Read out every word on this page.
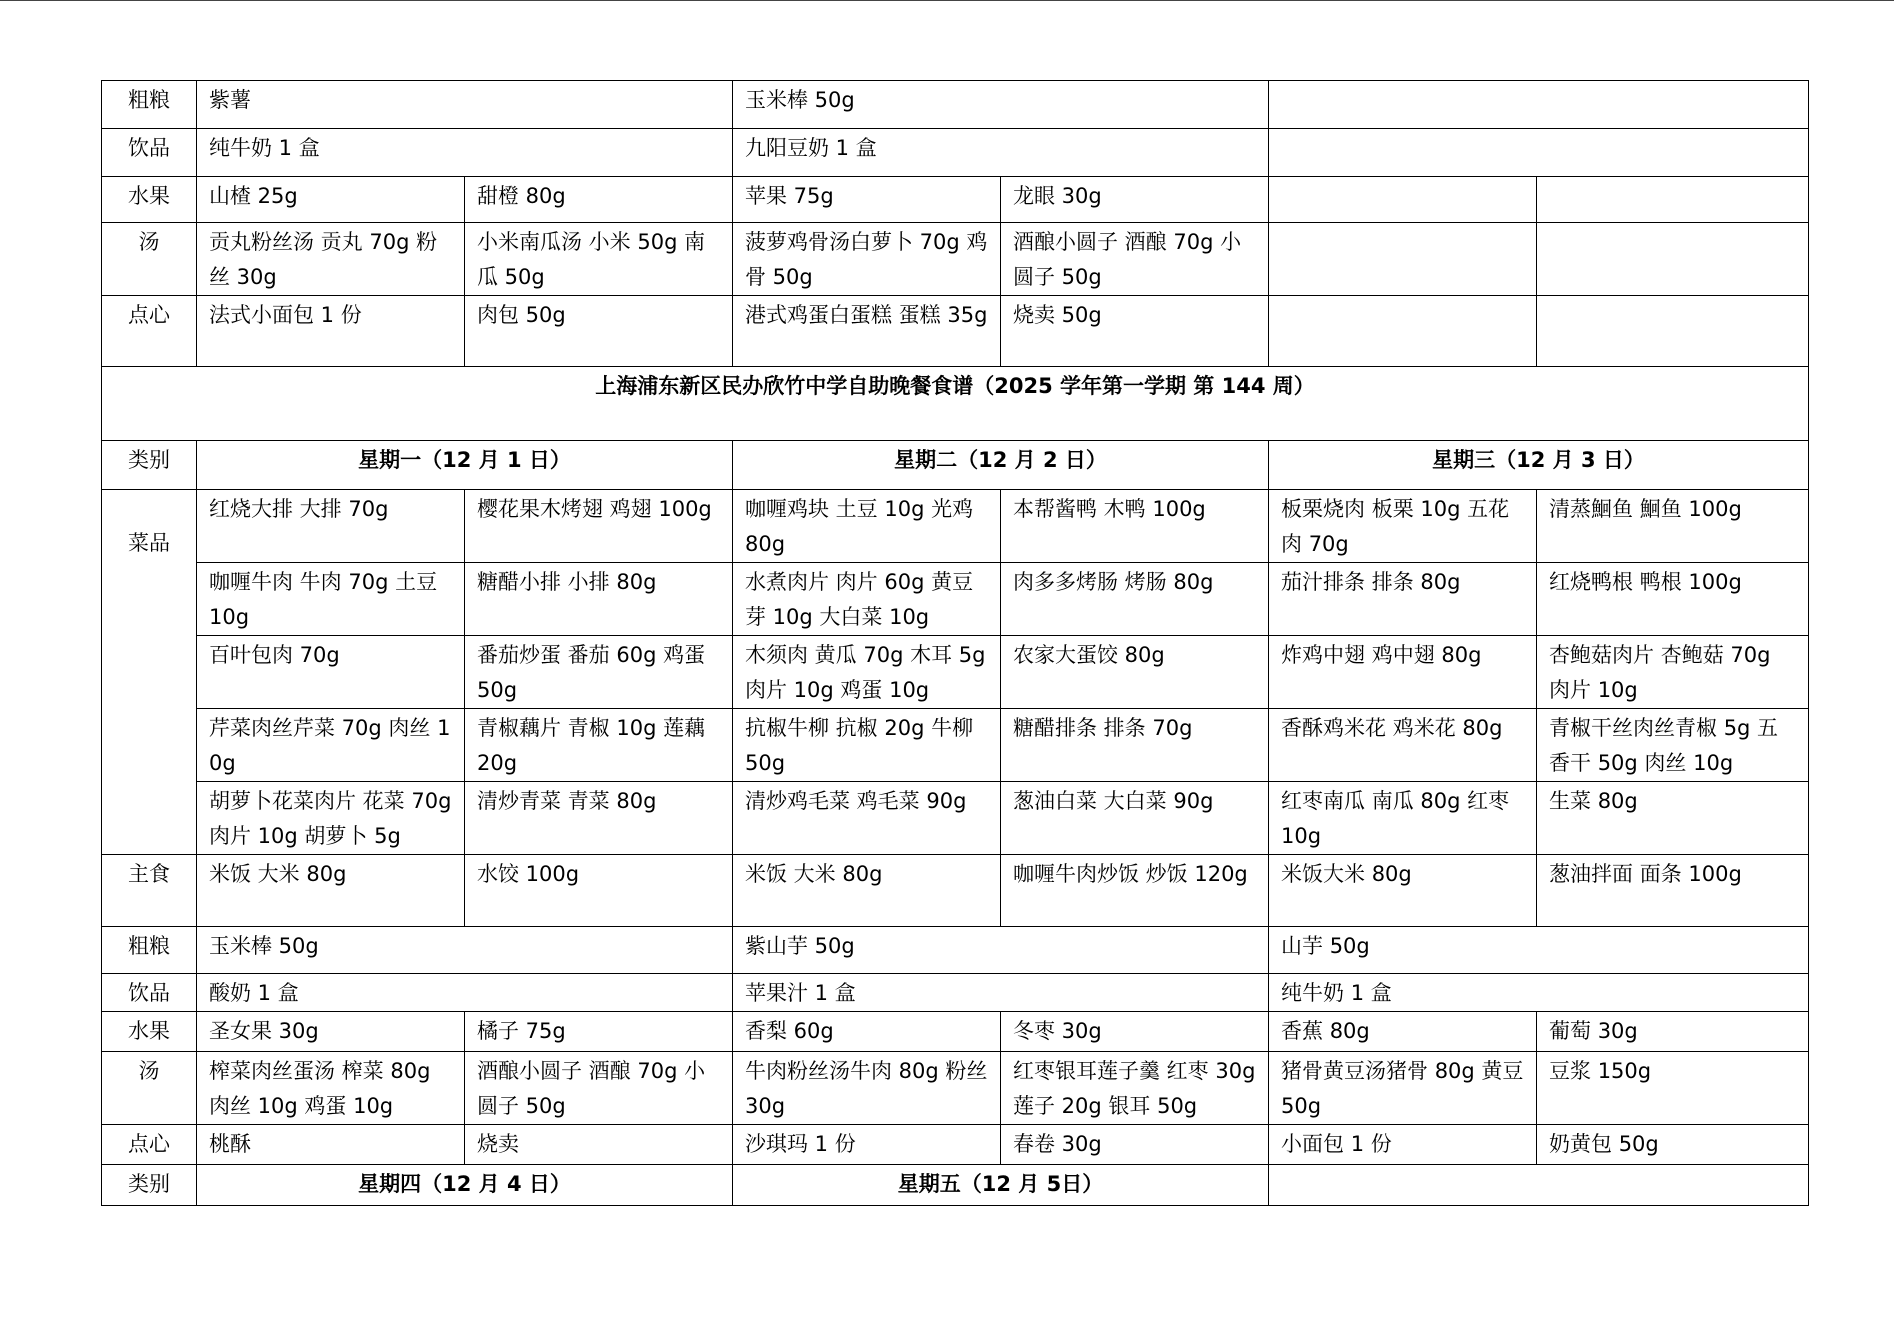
粗粮	紫薯		玉米棒 50g			
饮品	纯牛奶 1 盒		九阳豆奶 1 盒			
水果	山楂 25g	甜橙 80g	苹果 75g	龙眼 30g		
汤	贡丸粉丝汤 贡丸 70g 粉丝 30g	小米南瓜汤 小米 50g 南瓜 50g	菠萝鸡骨汤白萝卜 70g 鸡骨 50g	酒酿小圆子 酒酿 70g 小圆子 50g		
点心	法式小面包 1 份	肉包 50g	港式鸡蛋白蛋糕 蛋糕 35g	烧卖 50g		
上海浦东新区民办欣竹中学自助晚餐食谱（2025 学年第一学期 第 144 周）						
类别	星期一（12 月 1 日）		星期二（12 月 2 日）		星期三（12 月 3 日）	
菜品	红烧大排 大排 70g	樱花果木烤翅 鸡翅 100g	咖喱鸡块 土豆 10g 光鸡 80g	本帮酱鸭 木鸭 100g	板栗烧肉 板栗 10g 五花肉 70g	清蒸鮰鱼 鮰鱼 100g
	咖喱牛肉 牛肉 70g 土豆 10g	糖醋小排 小排 80g	水煮肉片 肉片 60g 黄豆芽 10g 大白菜 10g	肉多多烤肠 烤肠 80g	茄汁排条 排条 80g	红烧鸭根 鸭根 100g
	百叶包肉 70g	番茄炒蛋 番茄 60g 鸡蛋 50g	木须肉 黄瓜 70g 木耳 5g 肉片 10g 鸡蛋 10g	农家大蛋饺 80g	炸鸡中翅 鸡中翅 80g	杏鲍菇肉片 杏鲍菇 70g 肉片 10g
	芹菜肉丝芹菜 70g 肉丝 10g	青椒藕片 青椒 10g 莲藕 20g	抗椒牛柳 抗椒 20g 牛柳 50g	糖醋排条 排条 70g	香酥鸡米花 鸡米花 80g	青椒干丝肉丝青椒 5g 五香干 50g 肉丝 10g
	胡萝卜花菜肉片 花菜 70g 肉片 10g 胡萝卜 5g	清炒青菜 青菜 80g	清炒鸡毛菜 鸡毛菜 90g	葱油白菜 大白菜 90g	红枣南瓜 南瓜 80g 红枣 10g	生菜 80g
主食	米饭 大米 80g	水饺 100g	米饭 大米 80g	咖喱牛肉炒饭 炒饭 120g	米饭大米 80g	葱油拌面 面条 100g
粗粮	玉米棒 50g		紫山芋 50g		山芋 50g	
饮品	酸奶 1 盒		苹果汁 1 盒		纯牛奶 1 盒	
水果	圣女果 30g	橘子 75g	香梨 60g	冬枣 30g	香蕉 80g	葡萄 30g
汤	榨菜肉丝蛋汤 榨菜 80g 肉丝 10g 鸡蛋 10g	酒酿小圆子 酒酿 70g 小圆子 50g	牛肉粉丝汤牛肉 80g 粉丝 30g	红枣银耳莲子羹 红枣 30g 莲子 20g 银耳 50g	猪骨黄豆汤猪骨 80g 黄豆 50g	豆浆 150g
点心	桃酥	烧卖	沙琪玛 1 份	春卷 30g	小面包 1 份	奶黄包 50g
类别	星期四（12 月 4 日）		星期五（12 月 5日）			
